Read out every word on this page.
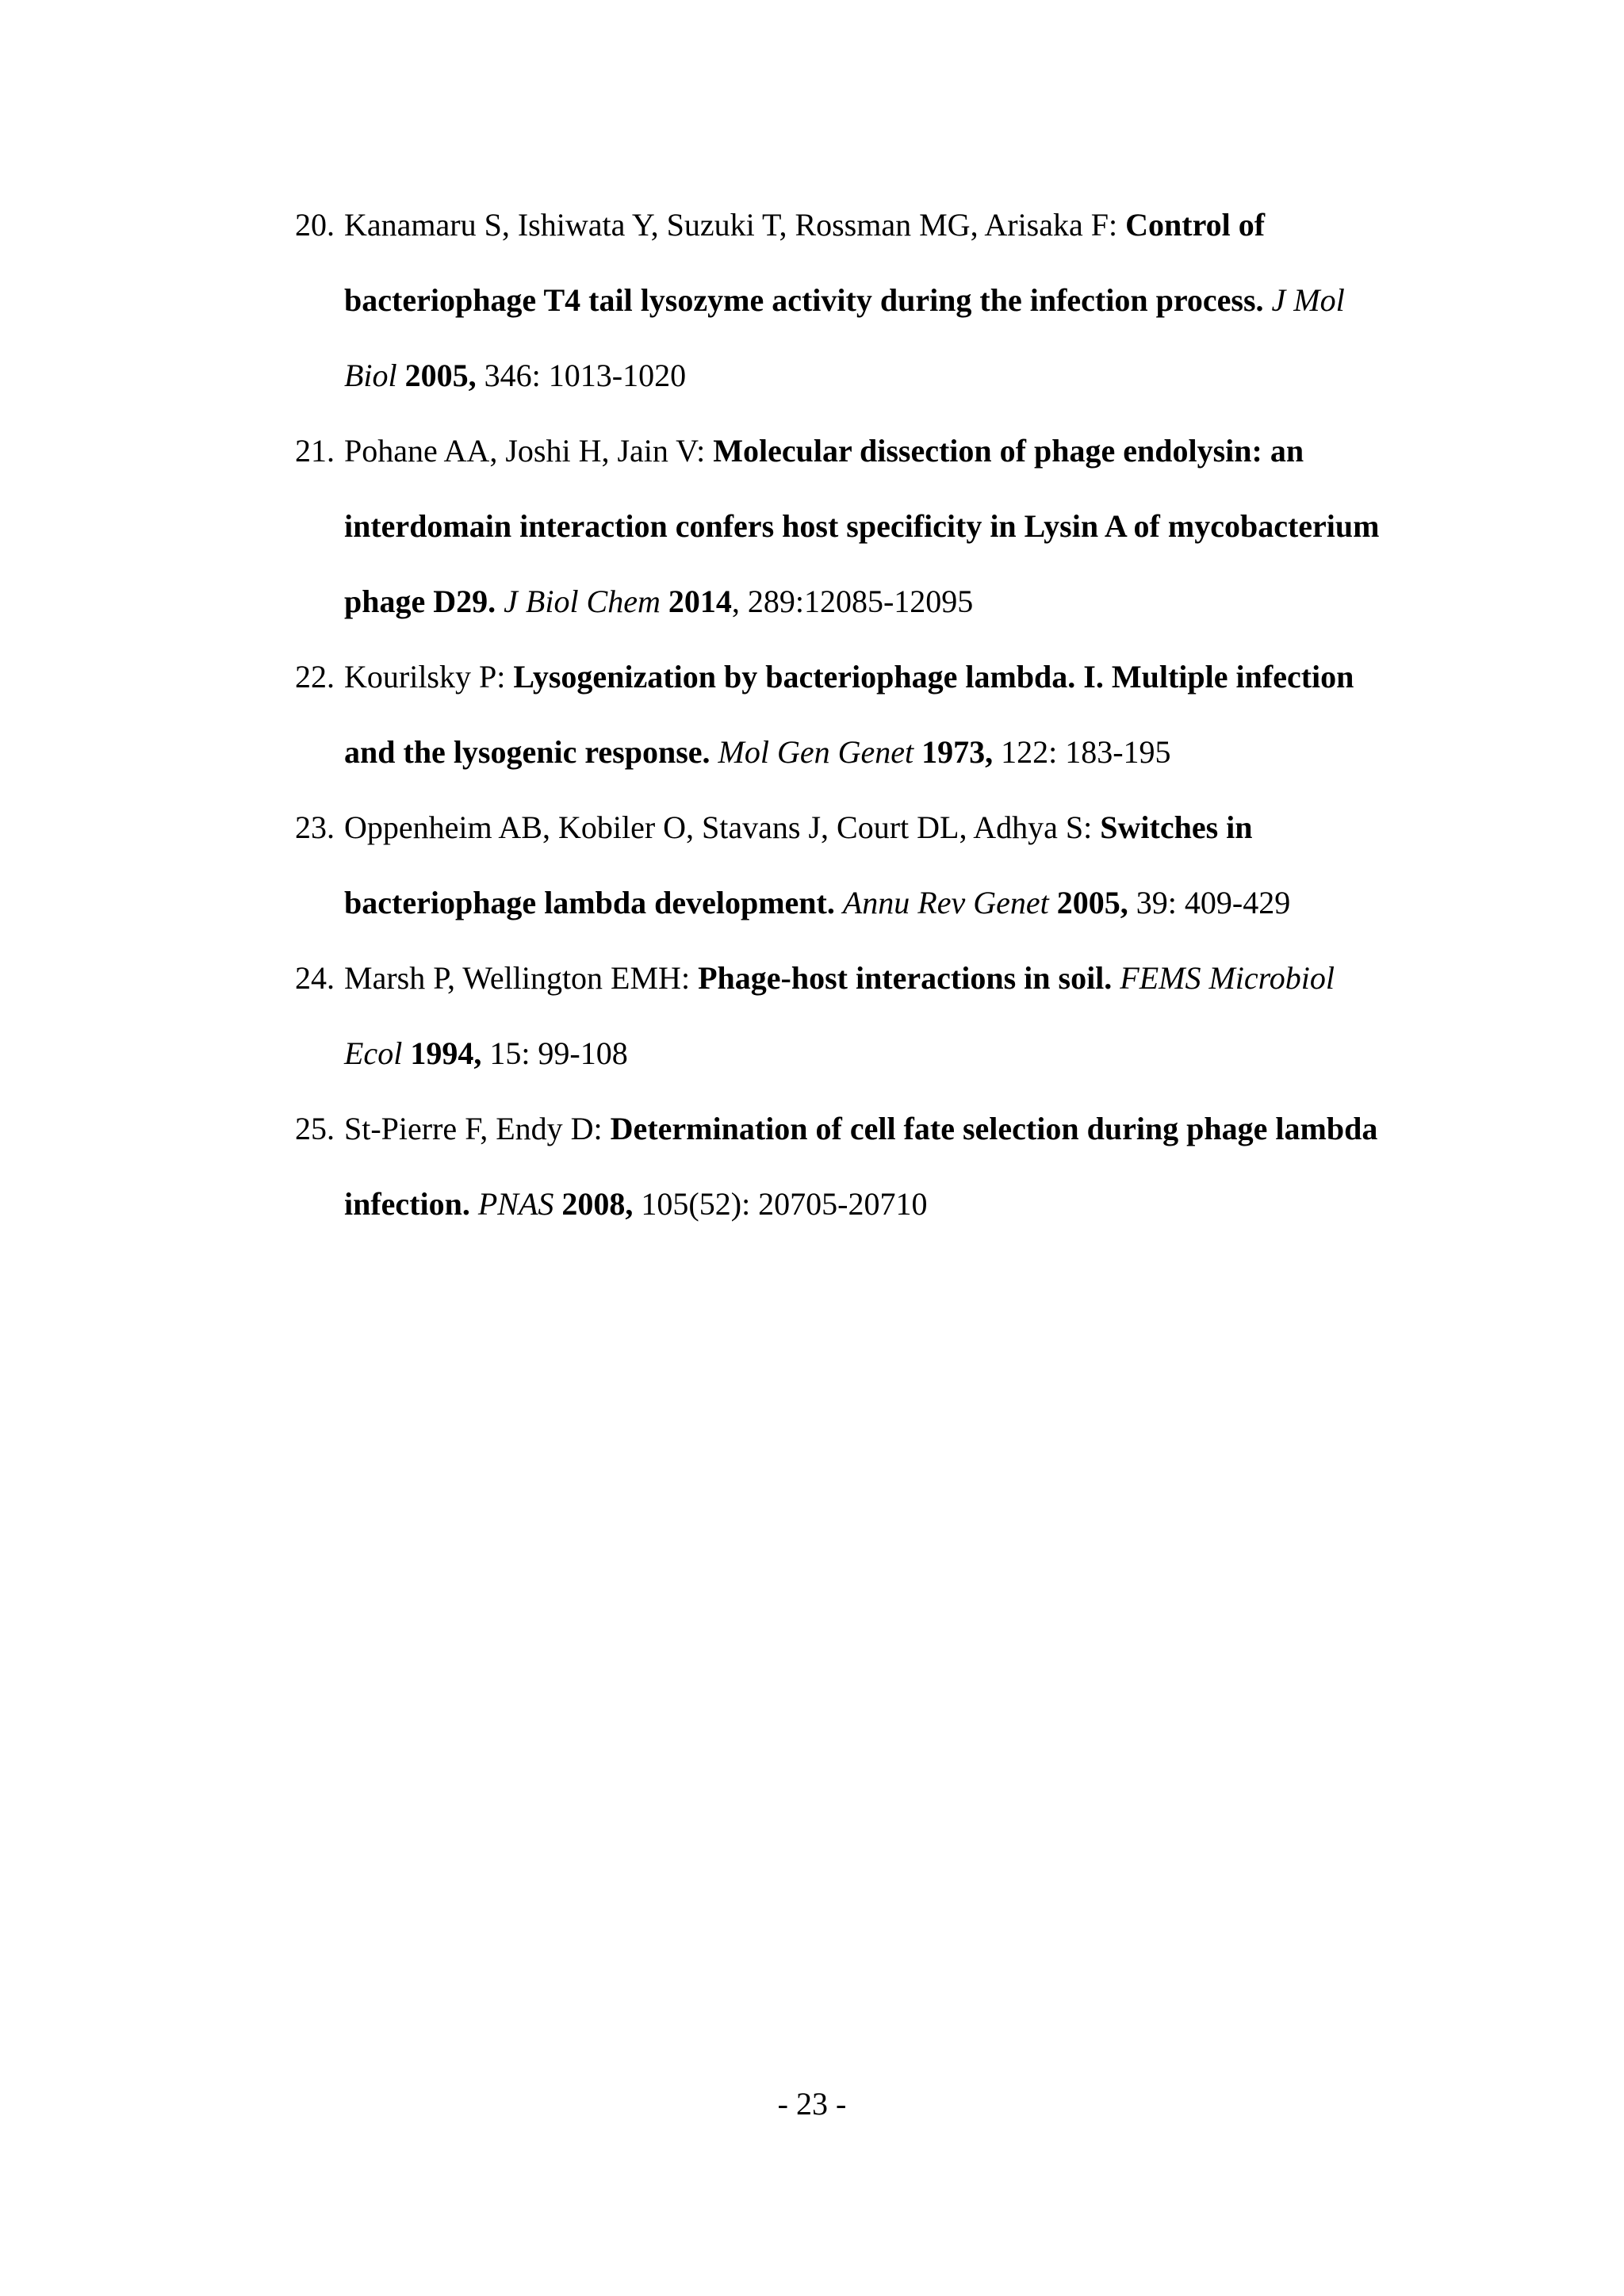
20. Kanamaru S, Ishiwata Y, Suzuki T, Rossman MG, Arisaka F: Control of bacteriophage T4 tail lysozyme activity during the infection process. J Mol Biol 2005, 346: 1013-1020
21. Pohane AA, Joshi H, Jain V: Molecular dissection of phage endolysin: an interdomain interaction confers host specificity in Lysin A of mycobacterium phage D29. J Biol Chem 2014, 289:12085-12095
22. Kourilsky P: Lysogenization by bacteriophage lambda. I. Multiple infection and the lysogenic response. Mol Gen Genet 1973, 122: 183-195
23. Oppenheim AB, Kobiler O, Stavans J, Court DL, Adhya S: Switches in bacteriophage lambda development. Annu Rev Genet 2005, 39: 409-429
24. Marsh P, Wellington EMH: Phage-host interactions in soil. FEMS Microbiol Ecol 1994, 15: 99-108
25. St-Pierre F, Endy D: Determination of cell fate selection during phage lambda infection. PNAS 2008, 105(52): 20705-20710
- 23 -
